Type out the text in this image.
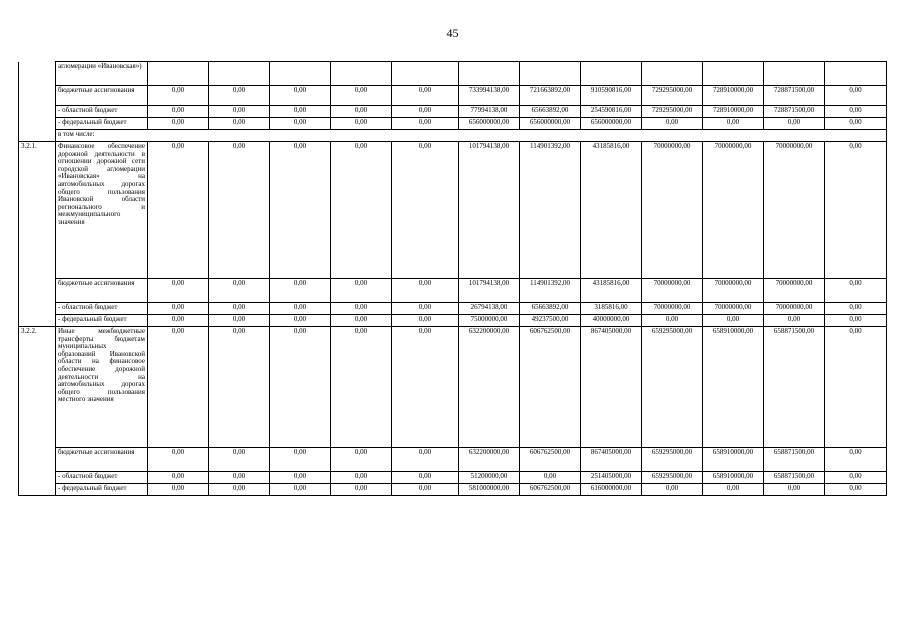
45
	агломерации «Ивановская»)												
	бюджетные ассигнования	0,00	0,00	0,00	0,00	0,00	733994138,00	721663892,00	910590816,00	729295000,00	728910000,00	728871500,00	0,00
	- областной бюджет	0,00	0,00	0,00	0,00	0,00	77994138,00	65663892,00	254590816,00	729295000,00	728910000,00	728871500,00	0,00
	- федеральный бюджет	0,00	0,00	0,00	0,00	0,00	656000000,00	656000000,00	656000000,00	0,00	0,00	0,00	0,00
	в том числе:												
3.2.1.	Финансовое обеспечение дорожной деятельности в отношении дорожной сети городской агломерации «Ивановская» на автомобильных дорогах общего пользования Ивановской области регионального и межмуниципального значения	0,00	0,00	0,00	0,00	0,00	101794138,00	114901392,00	43185816,00	70000000,00	70000000,00	70000000,00	0,00
	бюджетные ассигнования	0,00	0,00	0,00	0,00	0,00	101794138,00	114901392,00	43185816,00	70000000,00	70000000,00	70000000,00	0,00
	- областной бюджет	0,00	0,00	0,00	0,00	0,00	26794138,00	65663892,00	3185816,00	70000000,00	70000000,00	70000000,00	0,00
	- федеральный бюджет	0,00	0,00	0,00	0,00	0,00	75000000,00	49237500,00	40000000,00	0,00	0,00	0,00	0,00
3.2.2.	Иные межбюджетные трансферты бюджетам муниципальных образований Ивановской области на финансовое обеспечение дорожной деятельности на автомобильных дорогах общего пользования местного значения	0,00	0,00	0,00	0,00	0,00	632200000,00	606762500,00	867405000,00	659295000,00	658910000,00	658871500,00	0,00
	бюджетные ассигнования	0,00	0,00	0,00	0,00	0,00	632200000,00	606762500,00	867405000,00	659295000,00	658910000,00	658871500,00	0,00
	- областной бюджет	0,00	0,00	0,00	0,00	0,00	51200000,00	0,00	251405000,00	659295000,00	658910000,00	658871500,00	0,00
	- федеральный бюджет	0,00	0,00	0,00	0,00	0,00	581000000,00	606762500,00	616000000,00	0,00	0,00	0,00	0,00
